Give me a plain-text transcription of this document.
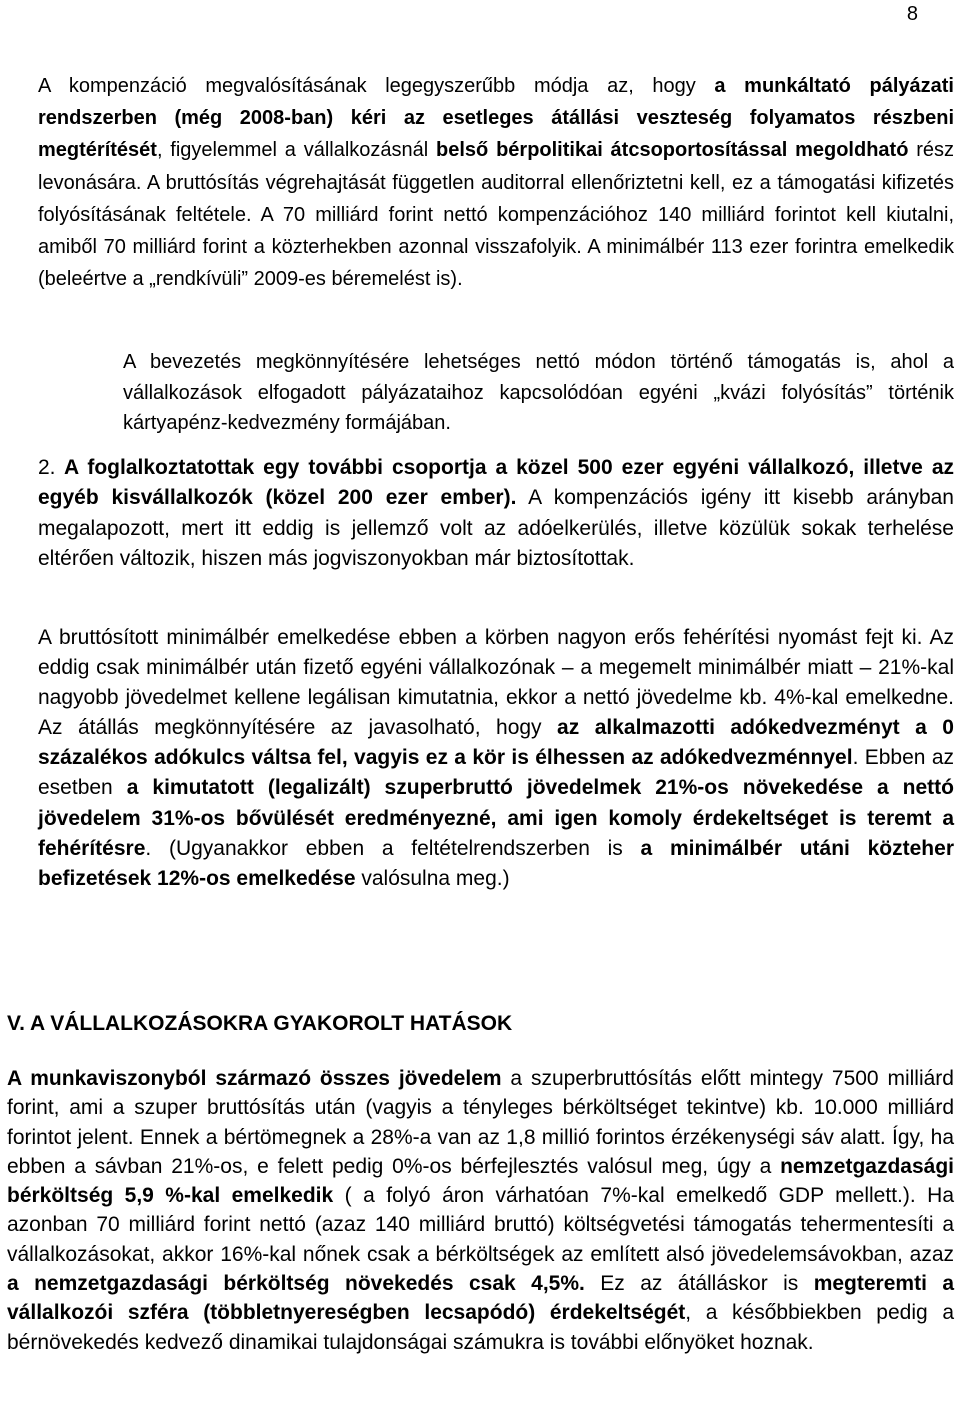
8
A kompenzáció megvalósításának legegyszerűbb módja az, hogy a munkáltató pályázati rendszerben (még 2008-ban) kéri az esetleges átállási veszteség folyamatos részbeni megtérítését, figyelemmel a vállalkozásnál belső bérpolitikai átcsoportosítással megoldható rész levonására. A bruttósítás végrehajtását független auditorral ellenőriztetni kell, ez a támogatási kifizetés folyósításának feltétele. A 70 milliárd forint nettó kompenzációhoz 140 milliárd forintot kell kiutalni, amiből 70 milliárd forint a közterhekben azonnal visszafolyik. A minimálbér 113 ezer forintra emelkedik (beleértve a „rendkívüli” 2009-es béremelést is).
A bevezetés megkönnyítésére lehetséges nettó módon történő támogatás is, ahol a vállalkozások elfogadott pályázataihoz kapcsolódóan egyéni „kvázi folyósítás” történik kártyapénz-kedvezmény formájában.
2. A foglalkoztatottak egy további csoportja a közel 500 ezer egyéni vállalkozó, illetve az egyéb kisvállalkozók (közel 200 ezer ember). A kompenzációs igény itt kisebb arányban megalapozott, mert itt eddig is jellemző volt az adóelkerülés, illetve közülük sokak terhelése eltérően változik, hiszen más jogviszonyokban már biztosítottak.
A bruttósított minimálbér emelkedése ebben a körben nagyon erős fehérítési nyomást fejt ki. Az eddig csak minimálbér után fizető egyéni vállalkozónak – a megemelt minimálbér miatt – 21%-kal nagyobb jövedelmet kellene legálisan kimutatnia, ekkor a nettó jövedelme kb. 4%-kal emelkedne. Az átállás megkönnyítésére az javasolható, hogy az alkalmazotti adókedvezményt a 0 százalékos adókulcs váltsa fel, vagyis ez a kör is élhessen az adókedvezménnyel. Ebben az esetben a kimutatott (legalizált) szuperbruttó jövedelmek 21%-os növekedése a nettó jövedelem 31%-os bővülését eredményezné, ami igen komoly érdekeltséget is teremt a fehérítésre. (Ugyanakkor ebben a feltételrendszerben is a minimálbér utáni közteher befizetések 12%-os emelkedése valósulna meg.)
V. A VÁLLALKOZÁSOKRA GYAKOROLT HATÁSOK
A munkaviszonyból származó összes jövedelem a szuperbruttósítás előtt mintegy 7500 milliárd forint, ami a szuper bruttósítás után (vagyis a tényleges bérköltséget tekintve) kb. 10.000 milliárd forintot jelent. Ennek a bértömegnek a 28%-a van az 1,8 millió forintos érzékenységi sáv alatt. Így, ha ebben a sávban 21%-os, e felett pedig 0%-os bérfejlesztés valósul meg, úgy a nemzetgazdasági bérköltség 5,9 %-kal emelkedik ( a folyó áron várhatóan 7%-kal emelkedő GDP mellett.). Ha azonban 70 milliárd forint nettó (azaz 140 milliárd bruttó) költségvetési támogatás tehermentesíti a vállalkozásokat, akkor 16%-kal nőnek csak a bérköltségek az említett alsó jövedelemsávokban, azaz a nemzetgazdasági bérköltség növekedés csak 4,5%. Ez az átálláskor is megteremti a vállalkozói szféra (többletnyereségben lecsapódó) érdekeltségét, a későbbiekben pedig a bérnövekedés kedvező dinamikai tulajdonságai számukra is további előnyöket hoznak.
